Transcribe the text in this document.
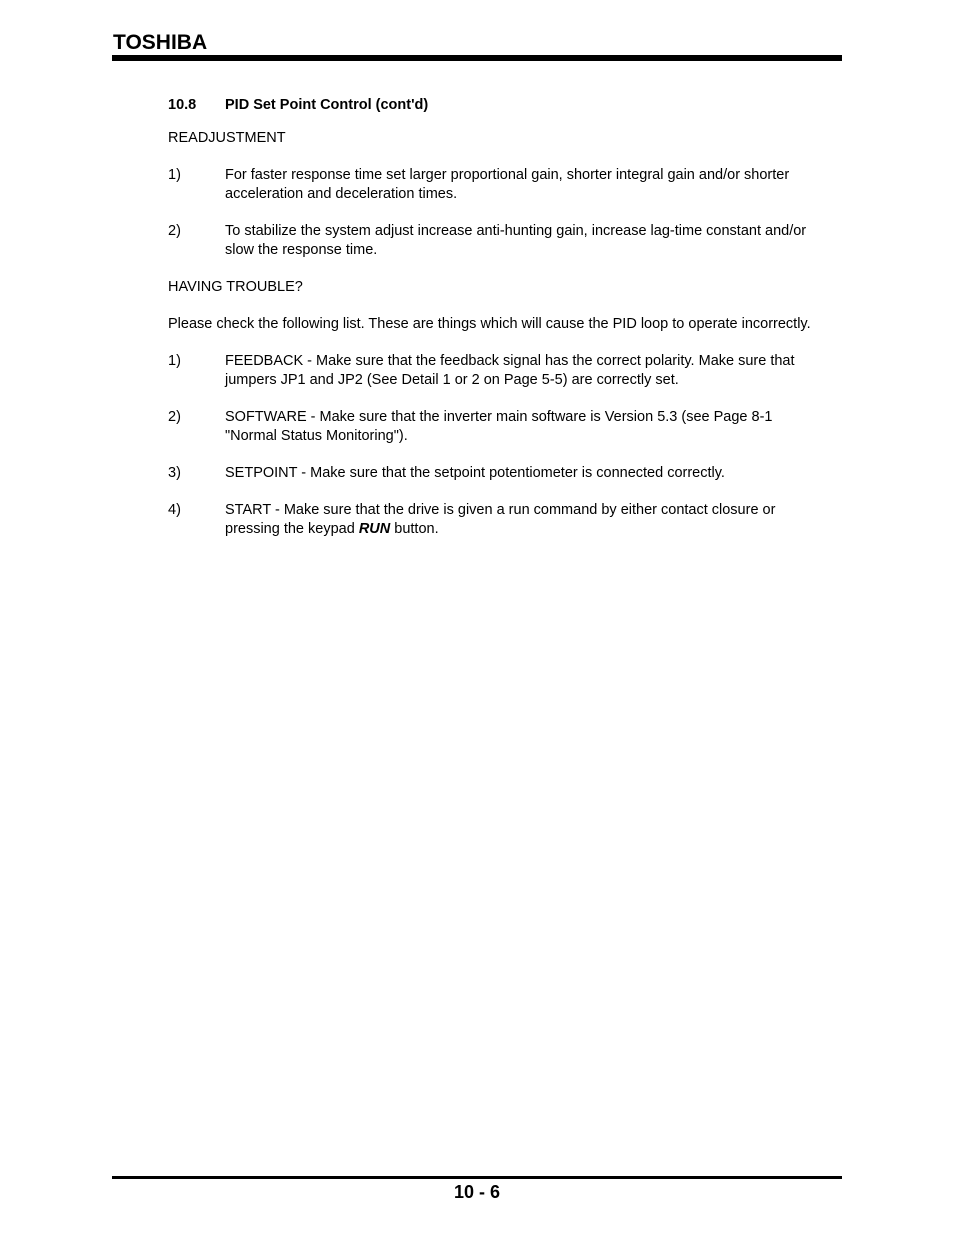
TOSHIBA
10.8	PID Set Point Control (cont'd)
READJUSTMENT
1)	For faster response time set larger proportional gain, shorter integral gain and/or shorter acceleration and deceleration times.
2)	To stabilize the system adjust increase anti-hunting gain, increase lag-time constant and/or slow the response time.
HAVING TROUBLE?
Please check the following list. These are things which will cause the PID loop to operate incorrectly.
1)	FEEDBACK - Make sure that the feedback signal has the correct polarity. Make sure that jumpers JP1 and JP2 (See Detail 1 or 2 on Page 5-5) are correctly set.
2)	SOFTWARE - Make sure that the inverter main software is Version 5.3 (see Page 8-1 "Normal Status Monitoring").
3)	SETPOINT - Make sure that the setpoint potentiometer is connected correctly.
4)	START - Make sure that the drive is given a run command by either contact closure or pressing the keypad RUN button.
10 - 6
